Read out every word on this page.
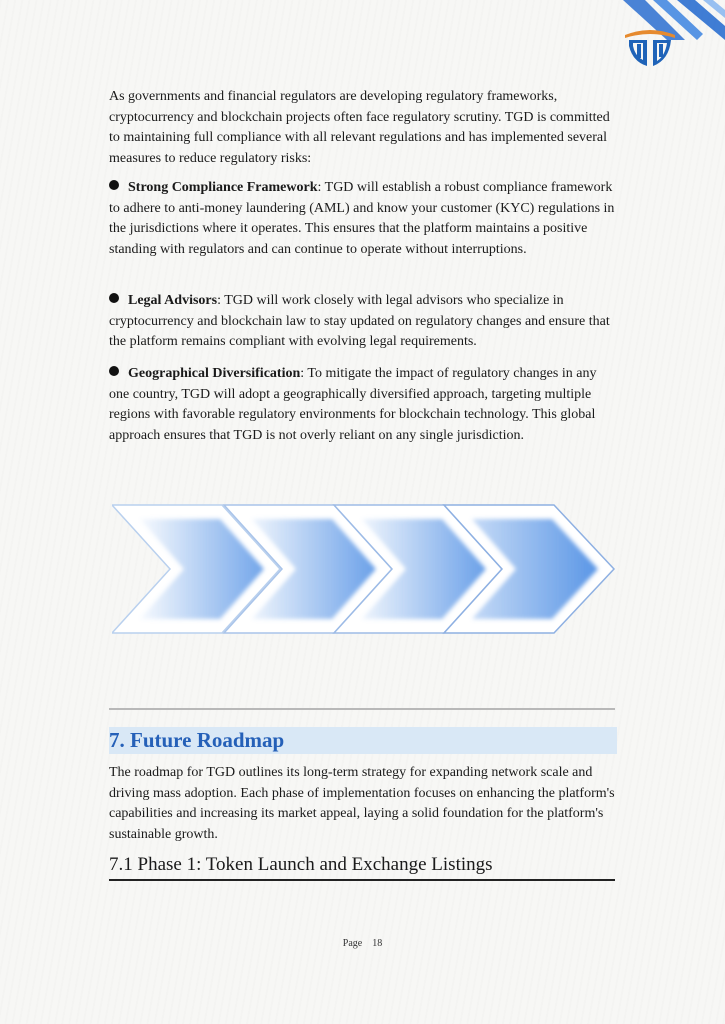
As governments and financial regulators are developing regulatory frameworks, cryptocurrency and blockchain projects often face regulatory scrutiny. TGD is committed to maintaining full compliance with all relevant regulations and has implemented several measures to reduce regulatory risks:

Strong Compliance Framework: TGD will establish a robust compliance framework to adhere to anti-money laundering (AML) and know your customer (KYC) regulations in the jurisdictions where it operates. This ensures that the platform maintains a positive standing with regulators and can continue to operate without interruptions.

Legal Advisors: TGD will work closely with legal advisors who specialize in cryptocurrency and blockchain law to stay updated on regulatory changes and ensure that the platform remains compliant with evolving legal requirements.

Geographical Diversification: To mitigate the impact of regulatory changes in any one country, TGD will adopt a geographically diversified approach, targeting multiple regions with favorable regulatory environments for blockchain technology. This global approach ensures that TGD is not overly reliant on any single jurisdiction.

7. Future Roadmap

The roadmap for TGD outlines its long-term strategy for expanding network scale and driving mass adoption. Each phase of implementation focuses on enhancing the platform's capabilities and increasing its market appeal, laying a solid foundation for the platform's sustainable growth.

7.1 Phase 1: Token Launch and Exchange Listings
Page 18
